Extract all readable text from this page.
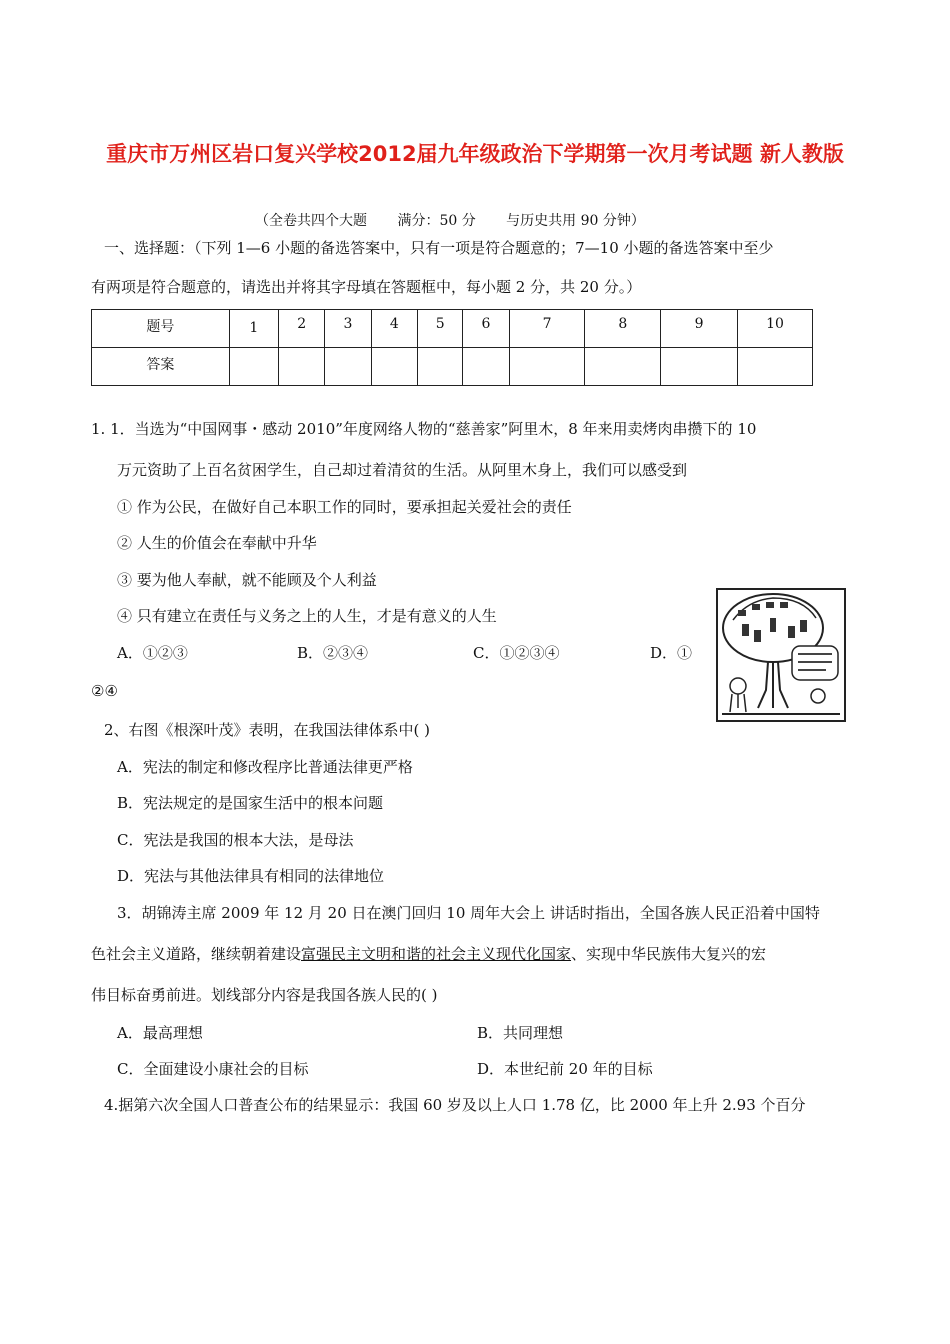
重庆市万州区岩口复兴学校2012届九年级政治下学期第一次月考试题 新人教版
（全卷共四个大题 满分：50 分 与历史共用 90 分钟）
一、选择题：（下列 1—6 小题的备选答案中，只有一项是符合题意的；7—10 小题的备选答案中至少
有两项是符合题意的，请选出并将其字母填在答题框中，每小题 2 分，共 20 分。）
题号	1	2	3	4	5	6	7	8	9	10
答案										
1. 1．当选为“中国网事・感动 2010”年度网络人物的“慈善家”阿里木，8 年来用卖烤肉串攒下的 10
万元资助了上百名贫困学生，自己却过着清贫的生活。从阿里木身上，我们可以感受到
① 作为公民，在做好自己本职工作的同时，要承担起关爱社会的责任
② 人生的价值会在奉献中升华
③ 要为他人奉献，就不能顾及个人利益
④ 只有建立在责任与义务之上的人生，才是有意义的人生
A．①②③	B．②③④	C．①②③④	D．①
②④
2、右图《根深叶茂》表明，在我国法律体系中( )
A．宪法的制定和修改程序比普通法律更严格
B．宪法规定的是国家生活中的根本问题
C．宪法是我国的根本大法，是母法
D．宪法与其他法律具有相同的法律地位
3．胡锦涛主席 2009 年 12 月 20 日在澳门回归 10 周年大会上 讲话时指出，全国各族人民正沿着中国特
色社会主义道路，继续朝着建设富强民主文明和谐的社会主义现代化国家、实现中华民族伟大复兴的宏
伟目标奋勇前进。划线部分内容是我国各族人民的( )
A．最高理想	B．共同理想
C．全面建设小康社会的目标	D．本世纪前 20 年的目标
4.据第六次全国人口普查公布的结果显示：我国 60 岁及以上人口 1.78 亿，比 2000 年上升 2.93 个百分
